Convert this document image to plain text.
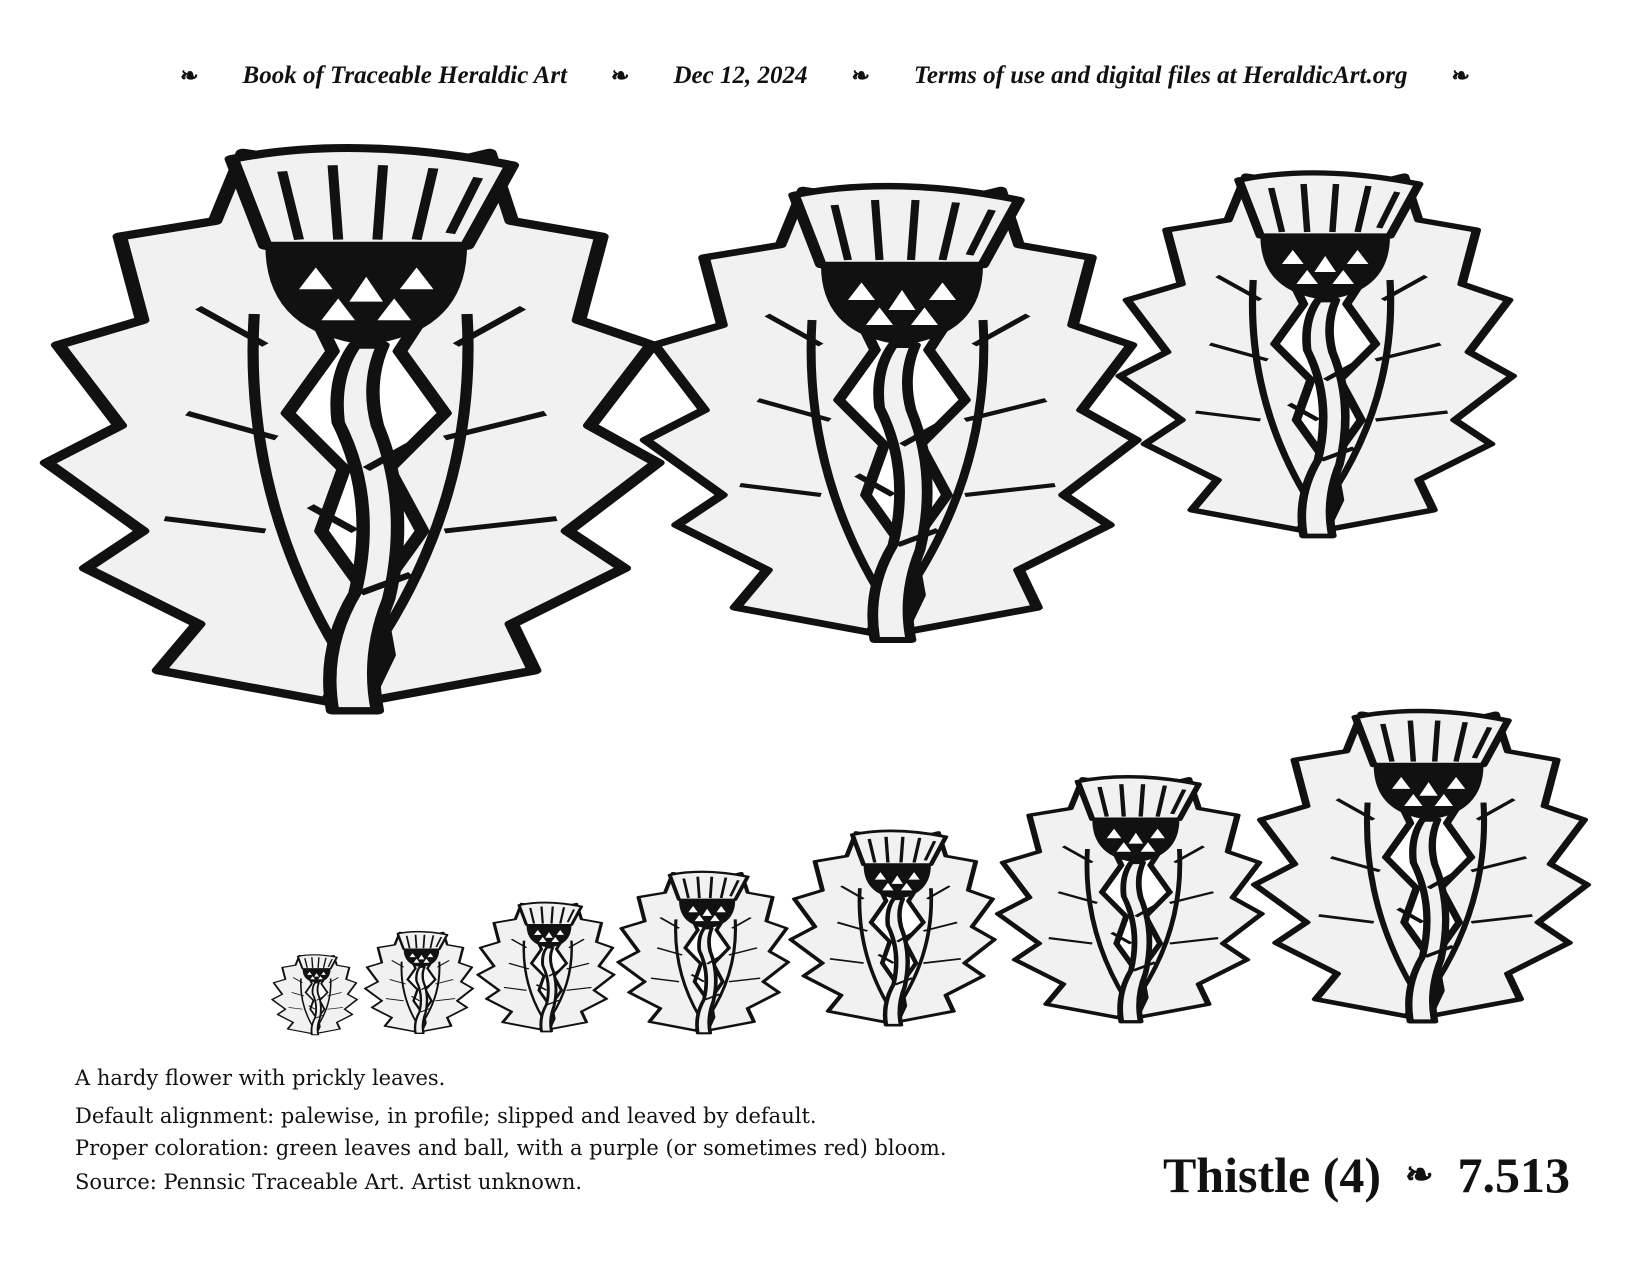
❧ Book of Traceable Heraldic Art ❧ Dec 12, 2024 ❧ Terms of use and digital files at HeraldicArt.org ❧

A hardy flower with prickly leaves.

Default alignment: palewise, in profile; slipped and leaved by default.

Proper coloration: green leaves and ball, with a purple (or sometimes red) bloom.

Source: Pennsic Traceable Art. Artist unknown.	Thistle (4) ❧ 7.513
